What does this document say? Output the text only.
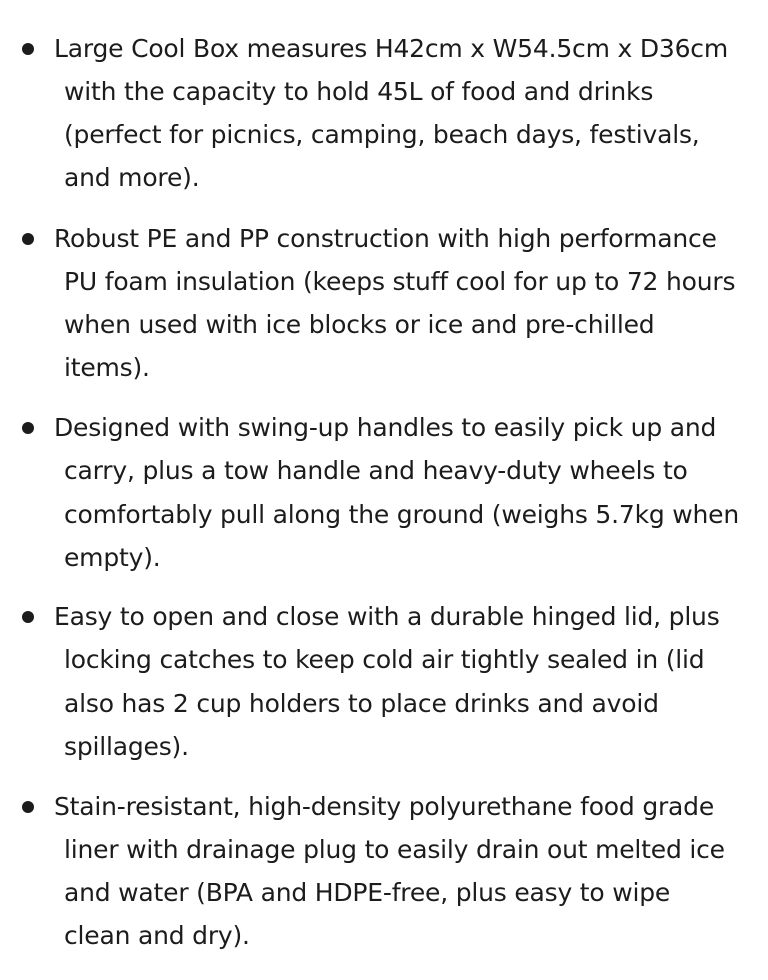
Large Cool Box measures H42cm x W54.5cm x D36cm
with the capacity to hold 45L of food and drinks
(perfect for picnics, camping, beach days, festivals,
and more).
Robust PE and PP construction with high performance
PU foam insulation (keeps stuff cool for up to 72 hours
when used with ice blocks or ice and pre-chilled
items).
Designed with swing-up handles to easily pick up and
carry, plus a tow handle and heavy-duty wheels to
comfortably pull along the ground (weighs 5.7kg when
empty).
Easy to open and close with a durable hinged lid, plus
locking catches to keep cold air tightly sealed in (lid
also has 2 cup holders to place drinks and avoid
spillages).
Stain-resistant, high-density polyurethane food grade
liner with drainage plug to easily drain out melted ice
and water (BPA and HDPE-free, plus easy to wipe
clean and dry).
